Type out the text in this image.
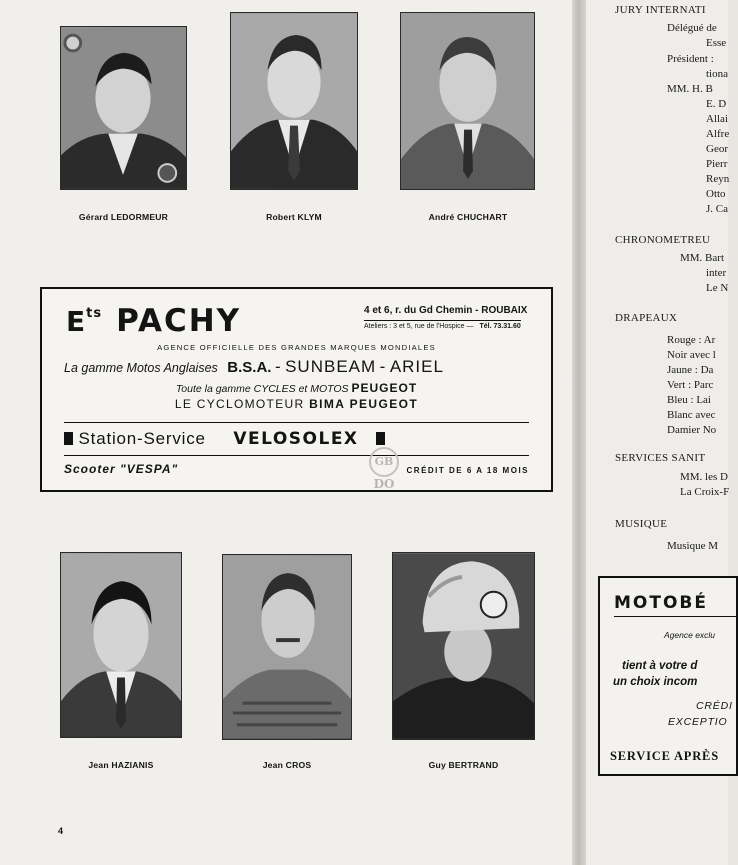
Gérard LEDORMEUR	Robert KLYM	André CHUCHART
$E^{ts}$ PACHY	4 et 6, r. du Gd Chemin - ROUBAIX
Ateliers : 3 et 5, rue de l'Hospice — Tél. 73.31.60
AGENCE OFFICIELLE DES GRANDES MARQUES MONDIALES
La gamme Motos Anglaises B.S.A. - SUNBEAM - ARIEL
Toute la gamme CYCLES et MOTOS PEUGEOT
LE CYCLOMOTEUR BIMA PEUGEOT
Station-Service VELOSOLEX
Scooter "VESPA"	CRÉDIT DE 6 A 18 MOIS
GB
DO
Jean HAZIANIS	Jean CROS	Guy BERTRAND
4
JURY INTERNATI
Délégué de
Esse
Président :
tiona
MM. H. B
E. D
Allai
Alfre
Geor
Pierr
Reyn
Otto
J. Ca
CHRONOMETREU
MM. Bart
inter
Le N
DRAPEAUX
Rouge : Ar
Noir avec l
Jaune : Da
Vert : Parc
Bleu : Lai
Blanc avec
Damier No
SERVICES SANIT
MM. les D
La Croix-F
MUSIQUE
Musique M
MOTOBÉ
Agence exclu
tient à votre d
un choix incom
CRÉDI
EXCEPTIO
SERVICE APRÈS
